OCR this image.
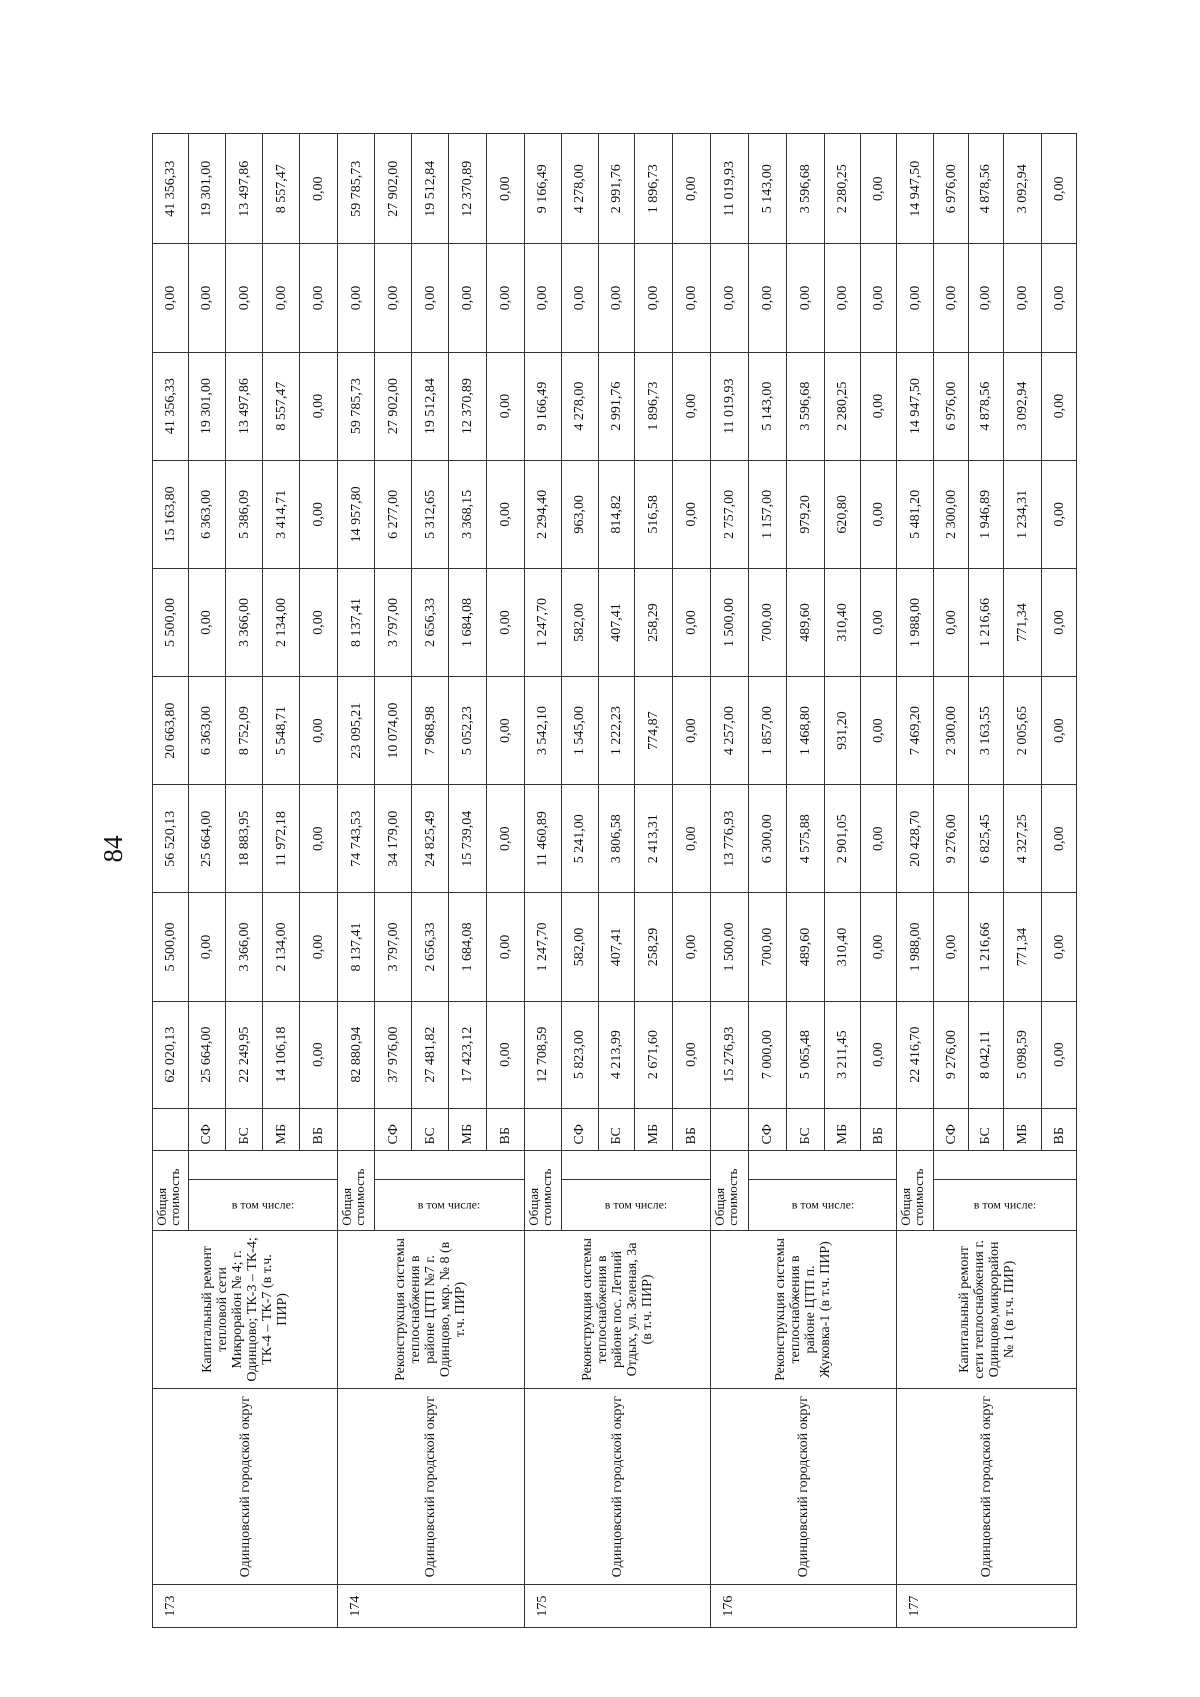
84
173	Одинцовский городской округ	Капитальный ремонт тепловой сети Микрорайон № 4; г. Одинцово; ТК-3 – ТК-4; ТК-4 – ТК-7 (в т.ч. ПИР)	Общая стоимость			62 020,13	5 500,00	56 520,13	20 663,80	5 500,00	15 163,80	41 356,33	0,00	41 356,33

			в том числе:		СФ	25 664,00	0,00	25 664,00	6 363,00	0,00	6 363,00	19 301,00	0,00	19 301,00
					БС	22 249,95	3 366,00	18 883,95	8 752,09	3 366,00	5 386,09	13 497,86	0,00	13 497,86
					МБ	14 106,18	2 134,00	11 972,18	5 548,71	2 134,00	3 414,71	8 557,47	0,00	8 557,47
					ВБ	0,00	0,00	0,00	0,00	0,00	0,00	0,00	0,00	0,00
174	Одинцовский городской округ	Реконструкция системы теплоснабжения в районе ЦТП №7 г. Одинцово, мкр. № 8 (в т.ч. ПИР)	Общая стоимость			82 880,94	8 137,41	74 743,53	23 095,21	8 137,41	14 957,80	59 785,73	0,00	59 785,73

			в том числе:		СФ	37 976,00	3 797,00	34 179,00	10 074,00	3 797,00	6 277,00	27 902,00	0,00	27 902,00
					БС	27 481,82	2 656,33	24 825,49	7 968,98	2 656,33	5 312,65	19 512,84	0,00	19 512,84
					МБ	17 423,12	1 684,08	15 739,04	5 052,23	1 684,08	3 368,15	12 370,89	0,00	12 370,89
					ВБ	0,00	0,00	0,00	0,00	0,00	0,00	0,00	0,00	0,00
175	Одинцовский городской округ	Реконструкция системы теплоснабжения в районе пос. Летний Отдых, ул. Зеленая, 3а (в т.ч. ПИР)	Общая стоимость			12 708,59	1 247,70	11 460,89	3 542,10	1 247,70	2 294,40	9 166,49	0,00	9 166,49

			в том числе:		СФ	5 823,00	582,00	5 241,00	1 545,00	582,00	963,00	4 278,00	0,00	4 278,00
					БС	4 213,99	407,41	3 806,58	1 222,23	407,41	814,82	2 991,76	0,00	2 991,76
					МБ	2 671,60	258,29	2 413,31	774,87	258,29	516,58	1 896,73	0,00	1 896,73
					ВБ	0,00	0,00	0,00	0,00	0,00	0,00	0,00	0,00	0,00
176	Одинцовский городской округ	Реконструкция системы теплоснабжения в районе ЦТП п. Жуковка-1 (в т.ч. ПИР)	Общая стоимость			15 276,93	1 500,00	13 776,93	4 257,00	1 500,00	2 757,00	11 019,93	0,00	11 019,93

			в том числе:		СФ	7 000,00	700,00	6 300,00	1 857,00	700,00	1 157,00	5 143,00	0,00	5 143,00
					БС	5 065,48	489,60	4 575,88	1 468,80	489,60	979,20	3 596,68	0,00	3 596,68
					МБ	3 211,45	310,40	2 901,05	931,20	310,40	620,80	2 280,25	0,00	2 280,25
					ВБ	0,00	0,00	0,00	0,00	0,00	0,00	0,00	0,00	0,00
177	Одинцовский городской округ	Капитальный ремонт сети теплоснабжения г. Одинцово,микрорайон № 1 (в т.ч. ПИР)	Общая стоимость			22 416,70	1 988,00	20 428,70	7 469,20	1 988,00	5 481,20	14 947,50	0,00	14 947,50

			в том числе:		СФ	9 276,00	0,00	9 276,00	2 300,00	0,00	2 300,00	6 976,00	0,00	6 976,00
					БС	8 042,11	1 216,66	6 825,45	3 163,55	1 216,66	1 946,89	4 878,56	0,00	4 878,56
					МБ	5 098,59	771,34	4 327,25	2 005,65	771,34	1 234,31	3 092,94	0,00	3 092,94
					ВБ	0,00	0,00	0,00	0,00	0,00	0,00	0,00	0,00	0,00
